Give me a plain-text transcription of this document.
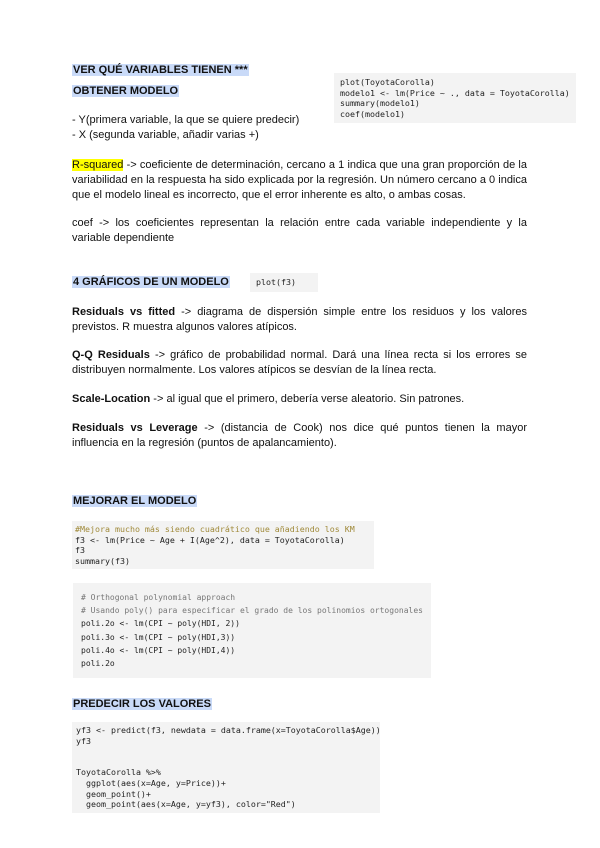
VER QUÉ VARIABLES TIENEN ***
OBTENER MODELO
plot(ToyotaCorolla)
modelo1 <- lm(Price ~ ., data = ToyotaCorolla)
summary(modelo1)
coef(modelo1)
- Y(primera variable, la que se quiere predecir)
- X (segunda variable, añadir varias +)
R-squared -> coeficiente de determinación, cercano a 1 indica que una gran proporción de la variabilidad en la respuesta ha sido explicada por la regresión. Un número cercano a 0 indica que el modelo lineal es incorrecto, que el error inherente es alto, o ambas cosas.
coef -> los coeficientes representan la relación entre cada variable independiente y la variable dependiente
4 GRÁFICOS DE UN MODELO	plot(f3)
Residuals vs fitted -> diagrama de dispersión simple entre los residuos y los valores previstos. R muestra algunos valores atípicos.
Q-Q Residuals -> gráfico de probabilidad normal. Dará una línea recta si los errores se distribuyen normalmente. Los valores atípicos se desvían de la línea recta.
Scale-Location -> al igual que el primero, debería verse aleatorio. Sin patrones.
Residuals vs Leverage -> (distancia de Cook) nos dice qué puntos tienen la mayor influencia en la regresión (puntos de apalancamiento).
MEJORAR EL MODELO
#Mejora mucho más siendo cuadrático que añadiendo los KM
f3 <- lm(Price ~ Age + I(Age^2), data = ToyotaCorolla)
f3
summary(f3)
# Orthogonal polynomial approach
# Usando poly() para especificar el grado de los polinomios ortogonales
poli.2o <- lm(CPI ~ poly(HDI, 2))
poli.3o <- lm(CPI ~ poly(HDI,3))
poli.4o <- lm(CPI ~ poly(HDI,4))
poli.2o
PREDECIR LOS VALORES
yf3 <- predict(f3, newdata = data.frame(x=ToyotaCorolla$Age))
yf3

ToyotaCorolla %>%
ggplot(aes(x=Age, y=Price))+
geom_point()+
geom_point(aes(x=Age, y=yf3), color="Red")
